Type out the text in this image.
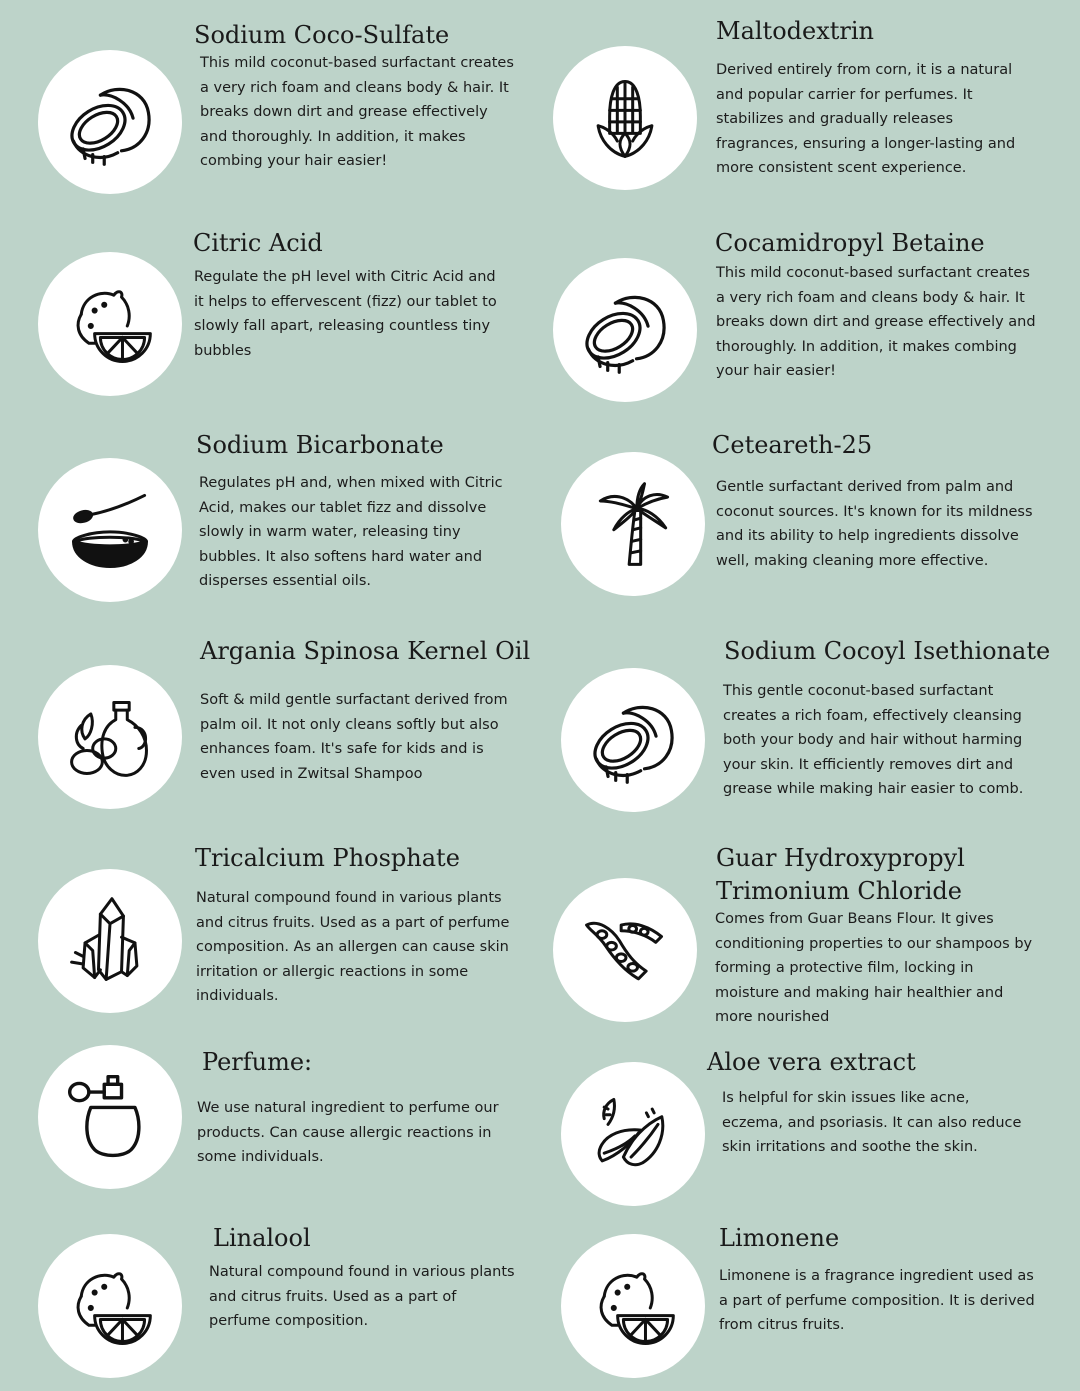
Sodium Coco-Sulfate

This mild coconut-based surfactant creates a very rich foam and cleans body & hair. It breaks down dirt and grease effectively and thoroughly. In addition, it makes combing your hair easier!

Maltodextrin

Derived entirely from corn, it is a natural and popular carrier for perfumes. It stabilizes and gradually releases fragrances, ensuring a longer-lasting and more consistent scent experience.

Citric Acid

Regulate the pH level with Citric Acid and it helps to effervescent (fizz) our tablet to slowly fall apart, releasing countless tiny bubbles

Cocamidropyl Betaine

This mild coconut-based surfactant creates a very rich foam and cleans body & hair. It breaks down dirt and grease effectively and thoroughly. In addition, it makes combing your hair easier!

Sodium Bicarbonate

Regulates pH and, when mixed with Citric Acid, makes our tablet fizz and dissolve slowly in warm water, releasing tiny bubbles. It also softens hard water and disperses essential oils.

Ceteareth-25

Gentle surfactant derived from palm and coconut sources. It's known for its mildness and its ability to help ingredients dissolve well, making cleaning more effective.

Argania Spinosa Kernel Oil

Soft & mild gentle surfactant derived from palm oil. It not only cleans softly but also enhances foam. It's safe for kids and is even used in Zwitsal Shampoo

Sodium Cocoyl Isethionate

This gentle coconut-based surfactant creates a rich foam, effectively cleansing both your body and hair without harming your skin. It efficiently removes dirt and grease while making hair easier to comb.

Tricalcium Phosphate

Natural compound found in various plants and citrus fruits. Used as a part of perfume composition. As an allergen can cause skin irritation or allergic reactions in some individuals.

Guar Hydroxypropyl Trimonium Chloride

Comes from Guar Beans Flour. It gives conditioning properties to our shampoos by forming a protective film, locking in moisture and making hair healthier and more nourished

Perfume:

We use natural ingredient to perfume our products. Can cause allergic reactions in some individuals.

Aloe vera extract

Is helpful for skin issues like acne, eczema, and psoriasis. It can also reduce skin irritations and soothe the skin.

Linalool

Natural compound found in various plants and citrus fruits. Used as a part of perfume composition.

Limonene

Limonene is a fragrance ingredient used as a part of perfume composition. It is derived from citrus fruits.
